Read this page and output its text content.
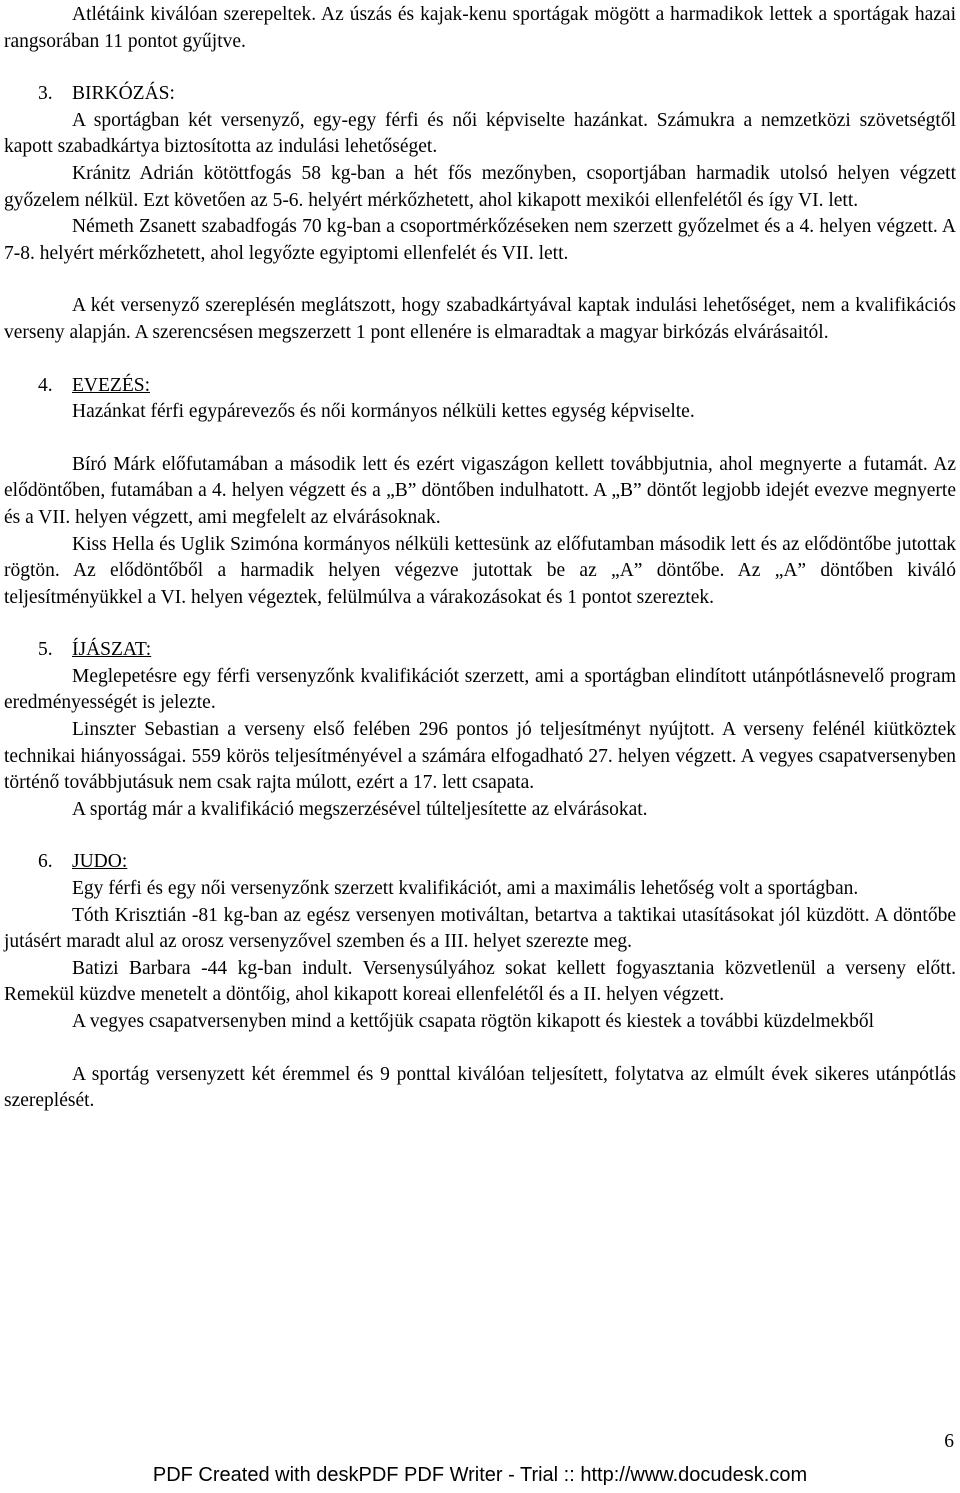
Atlétáink kiválóan szerepeltek. Az úszás és kajak-kenu sportágak mögött a harmadikok lettek a sportágak hazai rangsorában 11 pontot gyűjtve.

3. BIRKÓZÁS:

A sportágban két versenyző, egy-egy férfi és női képviselte hazánkat. Számukra a nemzetközi szövetségtől kapott szabadkártya biztosította az indulási lehetőséget.

Kránitz Adrián kötöttfogás 58 kg-ban a hét fős mezőnyben, csoportjában harmadik utolsó helyen végzett győzelem nélkül. Ezt követően az 5-6. helyért mérkőzhetett, ahol kikapott mexikói ellenfelétől és így VI. lett.

Németh Zsanett szabadfogás 70 kg-ban a csoportmérkőzéseken nem szerzett győzelmet és a 4. helyen végzett. A 7-8. helyért mérkőzhetett, ahol legyőzte egyiptomi ellenfelét és VII. lett.

A két versenyző szereplésén meglátszott, hogy szabadkártyával kaptak indulási lehetőséget, nem a kvalifikációs verseny alapján. A szerencsésen megszerzett 1 pont ellenére is elmaradtak a magyar birkózás elvárásaitól.

4. EVEZÉS:

Hazánkat férfi egypárevezős és női kormányos nélküli kettes egység képviselte.

Bíró Márk előfutamában a második lett és ezért vigaszágon kellett továbbjutnia, ahol megnyerte a futamát. Az elődöntőben, futamában a 4. helyen végzett és a „B” döntőben indulhatott. A „B” döntőt legjobb idejét evezve megnyerte és a VII. helyen végzett, ami megfelelt az elvárásoknak.

Kiss Hella és Uglik Szimóna kormányos nélküli kettesünk az előfutamban második lett és az elődöntőbe jutottak rögtön. Az elődöntőből a harmadik helyen végezve jutottak be az „A” döntőbe. Az „A” döntőben kiváló teljesítményükkel a VI. helyen végeztek, felülmúlva a várakozásokat és 1 pontot szereztek.

5. ÍJÁSZAT:

Meglepetésre egy férfi versenyzőnk kvalifikációt szerzett, ami a sportágban elindított utánpótlásnevelő program eredményességét is jelezte.

Linszter Sebastian a verseny első felében 296 pontos jó teljesítményt nyújtott. A verseny felénél kiütköztek technikai hiányosságai. 559 körös teljesítményével a számára elfogadható 27. helyen végzett. A vegyes csapatversenyben történő továbbjutásuk nem csak rajta múlott, ezért a 17. lett csapata.

A sportág már a kvalifikáció megszerzésével túlteljesítette az elvárásokat.

6. JUDO:

Egy férfi és egy női versenyzőnk szerzett kvalifikációt, ami a maximális lehetőség volt a sportágban.

Tóth Krisztián -81 kg-ban az egész versenyen motiváltan, betartva a taktikai utasításokat jól küzdött. A döntőbe jutásért maradt alul az orosz versenyzővel szemben és a III. helyet szerezte meg.

Batizi Barbara -44 kg-ban indult. Versenysúlyához sokat kellett fogyasztania közvetlenül a verseny előtt. Remekül küzdve menetelt a döntőig, ahol kikapott koreai ellenfelétől és a II. helyen végzett.

A vegyes csapatversenyben mind a kettőjük csapata rögtön kikapott és kiestek a további küzdelmekből

A sportág versenyzett két éremmel és 9 ponttal kiválóan teljesített, folytatva az elmúlt évek sikeres utánpótlás szereplését.

6
PDF Created with deskPDF PDF Writer - Trial :: http://www.docudesk.com
